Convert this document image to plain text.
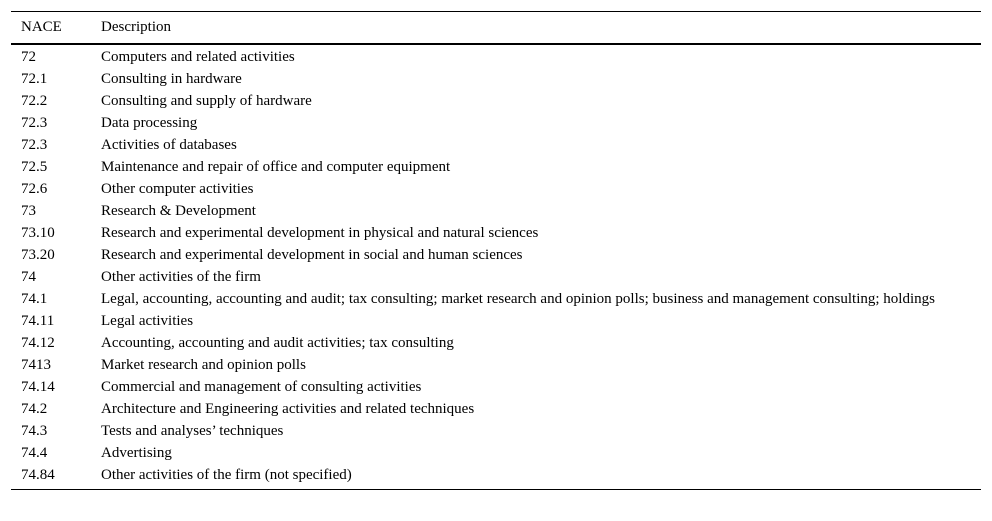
NACE	Description
72	Computers and related activities
72.1	Consulting in hardware
72.2	Consulting and supply of hardware
72.3	Data processing
72.3	Activities of databases
72.5	Maintenance and repair of office and computer equipment
72.6	Other computer activities
73	Research & Development
73.10	Research and experimental development in physical and natural sciences
73.20	Research and experimental development in social and human sciences
74	Other activities of the firm
74.1	Legal, accounting, accounting and audit; tax consulting; market research and opinion polls; business and management consulting; holdings
74.11	Legal activities
74.12	Accounting, accounting and audit activities; tax consulting
7413	Market research and opinion polls
74.14	Commercial and management of consulting activities
74.2	Architecture and Engineering activities and related techniques
74.3	Tests and analyses’ techniques
74.4	Advertising
74.84	Other activities of the firm (not specified)
